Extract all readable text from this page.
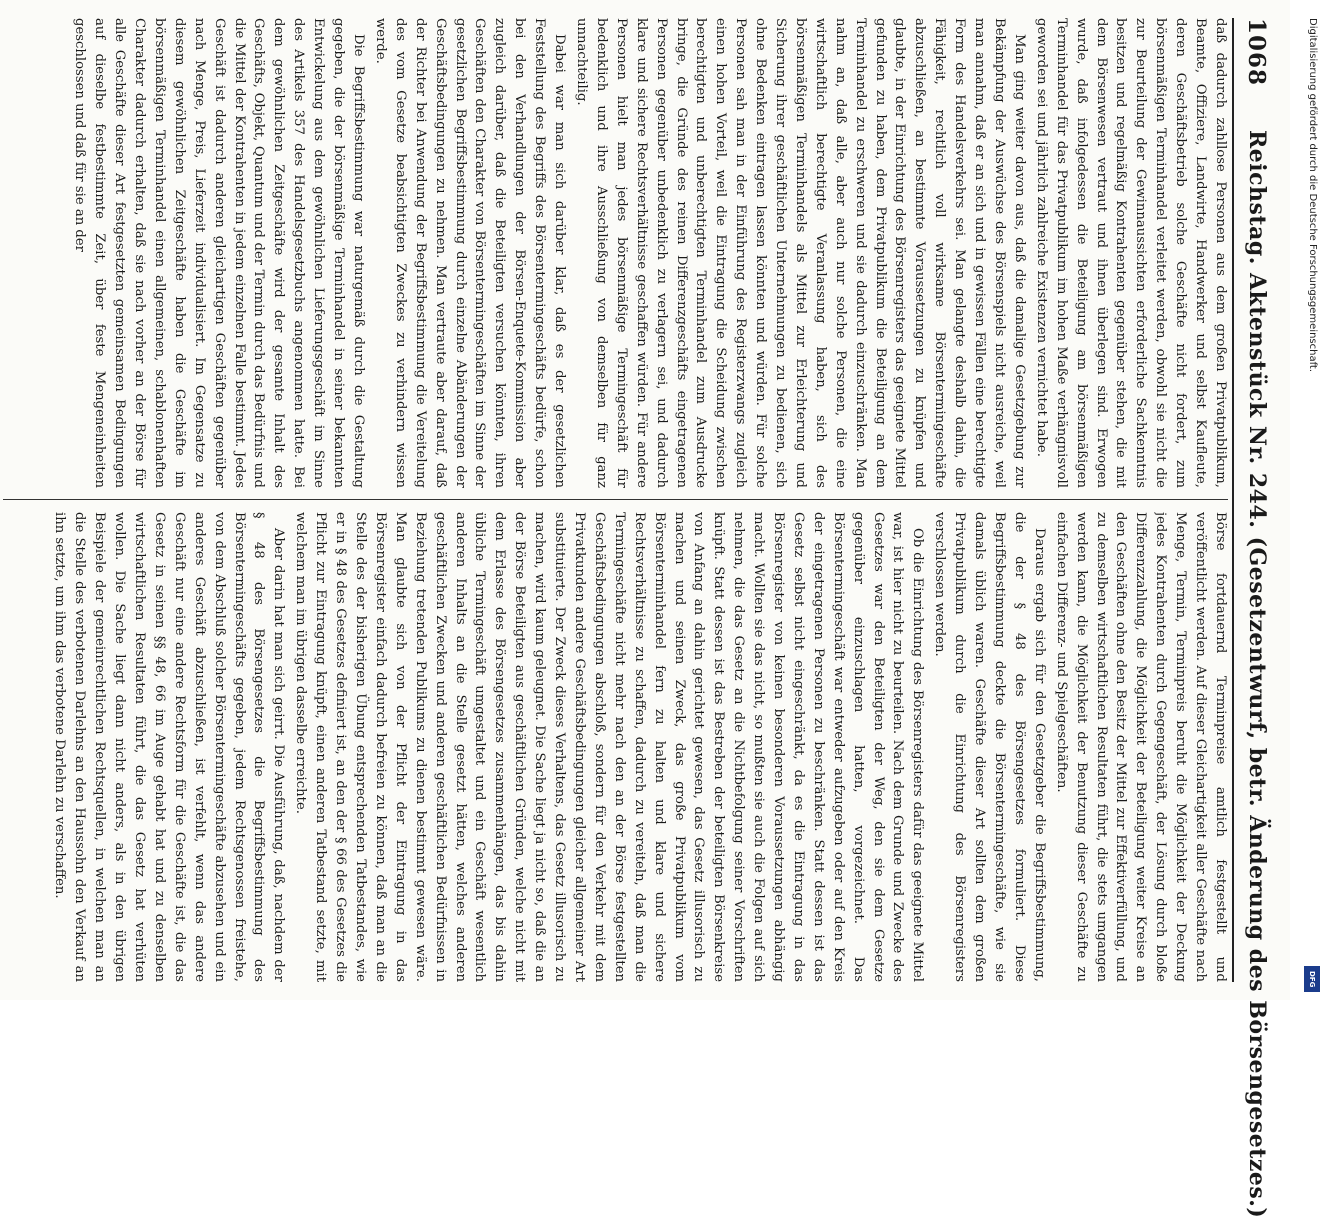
1068
Reichstag. Aktenstück Nr. 244. (Gesetzentwurf, betr. Änderung des Börsengesetzes.)

daß dadurch zahllose Personen aus dem großen Privatpublikum, Beamte, Offiziere, Landwirte, Handwerker und selbst Kaufleute, deren Geschäftsbetrieb solche Geschäfte nicht fordert, zum börsenmäßigen Terminhandel verleitet werden, obwohl sie nicht die zur Beurteilung der Gewinnaussichten erforderliche Sachkenntnis besitzen und regelmäßig Kontrahenten gegenüber stehen, die mit dem Börsenwesen vertraut und ihnen überlegen sind. Erwogen wurde, daß infolgedessen die Beteiligung am börsenmäßigen Terminhandel für das Privatpublikum im hohen Maße verhängnisvoll geworden sei und jährlich zahlreiche Existenzen vernichtet habe.

Man ging weiter davon aus, daß die damalige Gesetzgebung zur Bekämpfung der Auswüchse des Börsenspiels nicht ausreiche, weil man annahm, daß er an sich und in gewissen Fällen eine berechtigte Form des Handelsverkehrs sei. Man gelangte deshalb dahin, die Fähigkeit, rechtlich voll wirksame Börsentermingeschäfte abzuschließen, an bestimmte Voraussetzungen zu knüpfen und glaubte, in der Einrichtung des Börsenregisters das geeignete Mittel gefunden zu haben, dem Privatpublikum die Beteiligung an dem Terminhandel zu erschweren und sie dadurch einzuschränken. Man nahm an, daß alle, aber auch nur solche Personen, die eine wirtschaftlich berechtigte Veranlassung haben, sich des börsenmäßigen Terminhandels als Mittel zur Erleichterung und Sicherung ihrer geschäftlichen Unternehmungen zu bedienen, sich ohne Bedenken eintragen lassen könnten und würden. Für solche Personen sah man in der Einführung des Registerzwangs zugleich einen hohen Vorteil, weil die Eintragung die Scheidung zwischen berechtigten und unberechtigten Terminhandel zum Ausdrucke bringe, die Gründe des reinen Differenzgeschäfts eingetragenen Personen gegenüber unbedenklich zu verlagern sei, und dadurch klare und sichere Rechtsverhältnisse geschaffen würden. Für andere Personen hielt man jedes börsenmäßige Termingeschäft für bedenklich und ihre Ausschließung von demselben für ganz unnachteilig.

Dabei war man sich darüber klar, daß es der gesetzlichen Feststellung des Begriffs des Börsentermingeschäfts bedürfe, schon bei den Verhandlungen der Börsen-Enquete-Kommission aber zugleich darüber, daß die Beteiligten versuchen könnten, ihren Geschäften den Charakter von Börsentermingeschäften im Sinne der gesetzlichen Begriffsbestimmung durch einzelne Abänderungen der Geschäftsbedingungen zu nehmen. Man vertraute aber darauf, daß der Richter bei Anwendung der Begriffsbestimmung die Vereitelung des vom Gesetze beabsichtigten Zweckes zu verhindern wissen werde.

Die Begriffsbestimmung war naturgemäß durch die Gestaltung gegeben, die der börsenmäßige Terminhandel in seiner bekannten Entwickelung aus dem gewöhnlichen Lieferungsgeschäft im Sinne des Artikels 357 des Handelsgesetzbuchs angenommen hatte. Bei dem gewöhnlichen Zeitgeschäfte wird der gesamte Inhalt des Geschäfts, Objekt, Quantum und der Termin durch das Bedürfnis und die Mittel der Kontrahenten in jedem einzelnen Falle bestimmt. Jedes Geschäft ist dadurch anderen gleichartigen Geschäften gegenüber nach Menge, Preis, Lieferzeit individualisiert. Im Gegensatze zu diesem gewöhnlichen Zeitgeschäfte haben die Geschäfte im börsenmäßigen Terminhandel einen allgemeinen, schablonenhaften Charakter dadurch erhalten, daß sie nach vorher an der Börse für alle Geschäfte dieser Art festgesetzten gemeinsamen Bedingungen auf dieselbe festbestimmte Zeit, über feste Mengeneinheiten geschlossen und daß für sie an der

Börse fortdauernd Terminpreise amtlich festgestellt und veröffentlicht werden. Auf dieser Gleichartigkeit aller Geschäfte nach Menge, Termin, Terminpreis beruht die Möglichkeit der Deckung jedes Kontrahenten durch Gegengeschäft, der Lösung durch bloße Differenzzahlung, die Möglichkeit der Beteiligung weiter Kreise an den Geschäften ohne den Besitz der Mittel zur Effektiverfüllung, und zu demselben wirtschaftlichen Resultaten führt, die stets umgangen werden kann, die Möglichkeit der Benutzung dieser Geschäfte zu einfachen Differenz- und Spielgeschäften.

Daraus ergab sich für den Gesetzgeber die Begriffsbestimmung, die der § 48 des Börsengesetzes formuliert. Diese Begriffsbestimmung deckte die Börsentermingeschäfte, wie sie damals üblich waren. Geschäfte dieser Art sollten dem großen Privatpublikum durch die Einrichtung des Börsenregisters verschlossen werden.

Ob die Einrichtung des Börsenregisters dafür das geeignete Mittel war, ist hier nicht zu beurteilen. Nach dem Grunde und Zwecke des Gesetzes war den Beteiligten der Weg, den sie dem Gesetze gegenüber einzuschlagen hatten, vorgezeichnet. Das Börsentermingeschäft war entweder aufzugeben oder auf den Kreis der eingetragenen Personen zu beschränken. Statt dessen ist das Gesetz selbst nicht eingeschränkt, da es die Eintragung in das Börsenregister von keinen besonderen Voraussetzungen abhängig macht. Wollten sie das nicht, so mußten sie auch die Folgen auf sich nehmen, die das Gesetz an die Nichtbefolgung seiner Vorschriften knüpft. Statt dessen ist das Bestreben der beteiligten Börsenkreise von Anfang an dahin gerichtet gewesen, das Gesetz illusorisch zu machen und seinen Zweck, das große Privatpublikum vom Börsenterminhandel fern zu halten und klare und sichere Rechtsverhältnisse zu schaffen, dadurch zu vereiteln, daß man die Termingeschäfte nicht mehr nach den an der Börse festgestellten Geschäftsbedingungen abschloß, sondern für den Verkehr mit dem Privatkunden andere Geschäftsbedingungen gleicher allgemeiner Art substituierte. Der Zweck dieses Verhaltens, das Gesetz illusorisch zu machen, wird kaum geleugnet. Die Sache liegt ja nicht so, daß die an der Börse Beteiligten aus geschäftlichen Gründen, welche nicht mit dem Erlasse des Börsengesetzes zusammenhängen, das bis dahin übliche Termingeschäft umgestaltet und ein Geschäft wesentlich anderen Inhalts an die Stelle gesetzt hätten, welches anderen geschäftlichen Zwecken und anderen geschäftlichen Bedürfnissen in Beziehung tretenden Publikums zu dienen bestimmt gewesen wäre. Man glaubte sich von der Pflicht der Eintragung in das Börsenregister einfach dadurch befreien zu können, daß man an die Stelle des der bisherigen Übung entsprechenden Tatbestandes, wie er in § 48 des Gesetzes definiert ist, an den der § 66 des Gesetzes die Pflicht zur Eintragung knüpft, einen anderen Tatbestand setzte, mit welchem man im übrigen dasselbe erreichte.

Aber darin hat man sich geirrt. Die Ausführung, daß, nachdem der § 48 des Börsengesetzes die Begriffsbestimmung des Börsentermingeschäfts gegeben, jedem Rechtsgenossen freistehe, von dem Abschluß solcher Börsentermingeschäfte abzusehen und ein anderes Geschäft abzuschließen, ist verfehlt, wenn das andere Geschäft nur eine andere Rechtsform für die Geschäfte ist, die das Gesetz in seinen §§ 48, 66 im Auge gehabt hat und zu denselben wirtschaftlichen Resultaten führt, die das Gesetz hat verhüten wollen. Die Sache liegt dann nicht anders, als in den übrigen Beispiele der gemeinrechtlichen Rechtsquellen, in welchen man an die Stelle des verbotenen Darlehns an den Haussohn den Verkauf an ihn setzte, um ihm das verbotene Darlehn zu verschaffen.

Digitalisierung gefördert durch die Deutsche Forschungsgemeinschaft.
DFG
